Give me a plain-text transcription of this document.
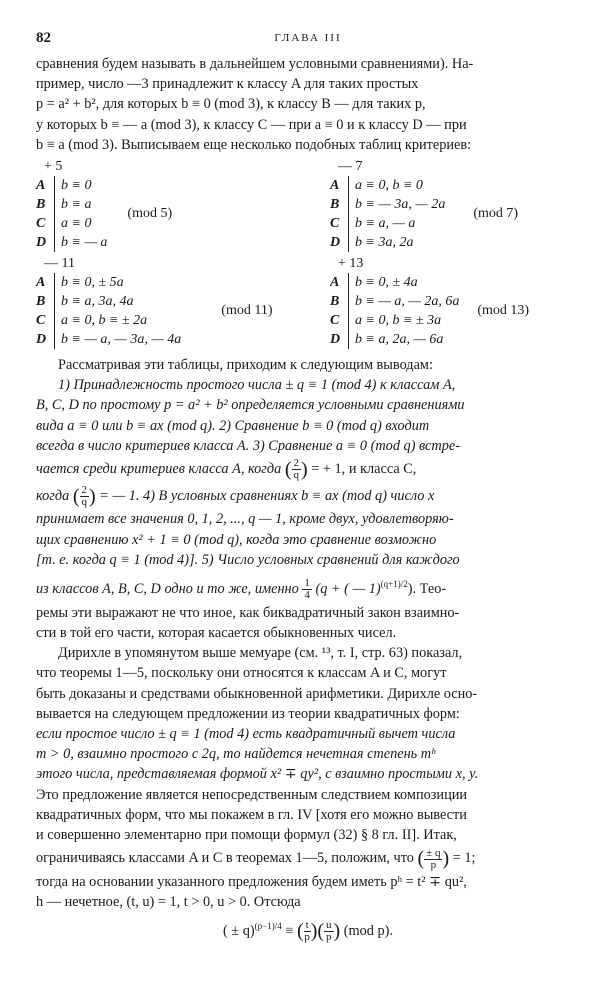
82	ГЛАВА III

сравнения будем называть в дальнейшем условными сравнениями). На-

пример, число —3 принадлежит к классу A для таких простых

p = a² + b², для которых b ≡ 0 (mod 3), к классу B — для таких p,

у которых b ≡ — a (mod 3), к классу C — при a ≡ 0 и к классу D — при

b ≡ a (mod 3). Выписываем еще несколько подобных таблиц критериев:

+ 5
A	b ≡ 0
B	b ≡ a
C	a ≡ 0
D	b ≡ — a
(mod 5)
— 7
A	a ≡ 0, b ≡ 0
B	b ≡ — 3a, — 2a
C	b ≡ a, — a
D	b ≡ 3a, 2a
(mod 7)
— 11
A	b ≡ 0, ± 5a
B	b ≡ a, 3a, 4a
C	a ≡ 0, b ≡ ± 2a
D	b ≡ — a, — 3a, — 4a
(mod 11)
+ 13
A	b ≡ 0, ± 4a
B	b ≡ — a, — 2a, 6a
C	a ≡ 0, b ≡ ± 3a
D	b ≡ a, 2a, — 6a
(mod 13)

Рассматривая эти таблицы, приходим к следующим выводам:

1) Принадлежность простого числа ± q ≡ 1 (mod 4) к классам A,

B, C, D по простому p = a² + b² определяется условными сравнениями

вида a ≡ 0 или b ≡ ax (mod q). 2) Сравнение b ≡ 0 (mod q) входит

всегда в число критериев класса A. 3) Сравнение a ≡ 0 (mod q) встре-

чается среди критериев класса A, когда ( $\frac{2}{q}$ ) = + 1, и класса C,

когда ( $\frac{2}{q}$ ) = — 1. 4) В условных сравнениях b ≡ ax (mod q) число x

принимает все значения 0, 1, 2, ..., q — 1, кроме двух, удовлетворяю-

щих сравнению x² + 1 ≡ 0 (mod q), когда это сравнение возможно

[т. е. когда q ≡ 1 (mod 4)]. 5) Число условных сравнений для каждого

из классов A, B, C, D одно и то же, именно $\frac{1}{4} (q$ + ( — 1)$^{(q+1)/2}$). Тео-

ремы эти выражают не что иное, как биквадратичный закон взаимно-

сти в той его части, которая касается обыкновенных чисел.

Дирихле в упомянутом выше мемуаре (см. ¹³, т. I, стр. 63) показал,

что теоремы 1—5, поскольку они относятся к классам A и C, могут

быть доказаны и средствами обыкновенной арифметики. Дирихле осно-

вывается на следующем предложении из теории квадратичных форм:

если простое число ± q ≡ 1 (mod 4) есть квадратичный вычет числа

m > 0, взаимно простого с 2q, то найдется нечетная степень mʰ

этого числа, представляемая формой x² ∓ qy², с взаимно простыми x, y.

Это предложение является непосредственным следствием композиции

квадратичных форм, что мы покажем в гл. IV [хотя его можно вывести

и совершенно элементарно при помощи формул (32) § 8 гл. II]. Итак,

ограничиваясь классами A и C в теоремах 1—5, положим, что ( $\frac{\pm q}{p}$ ) = 1;

тогда на основании указанного предложения будем иметь pʰ = t² ∓ qu²,

h — нечетное, (t, u) = 1, t > 0, u > 0. Отсюда

( ± q)$^{(p-1)/4}$ ≡ ( $\frac{t}{p}$ )( $\frac{u}{p}$ ) (mod p).
